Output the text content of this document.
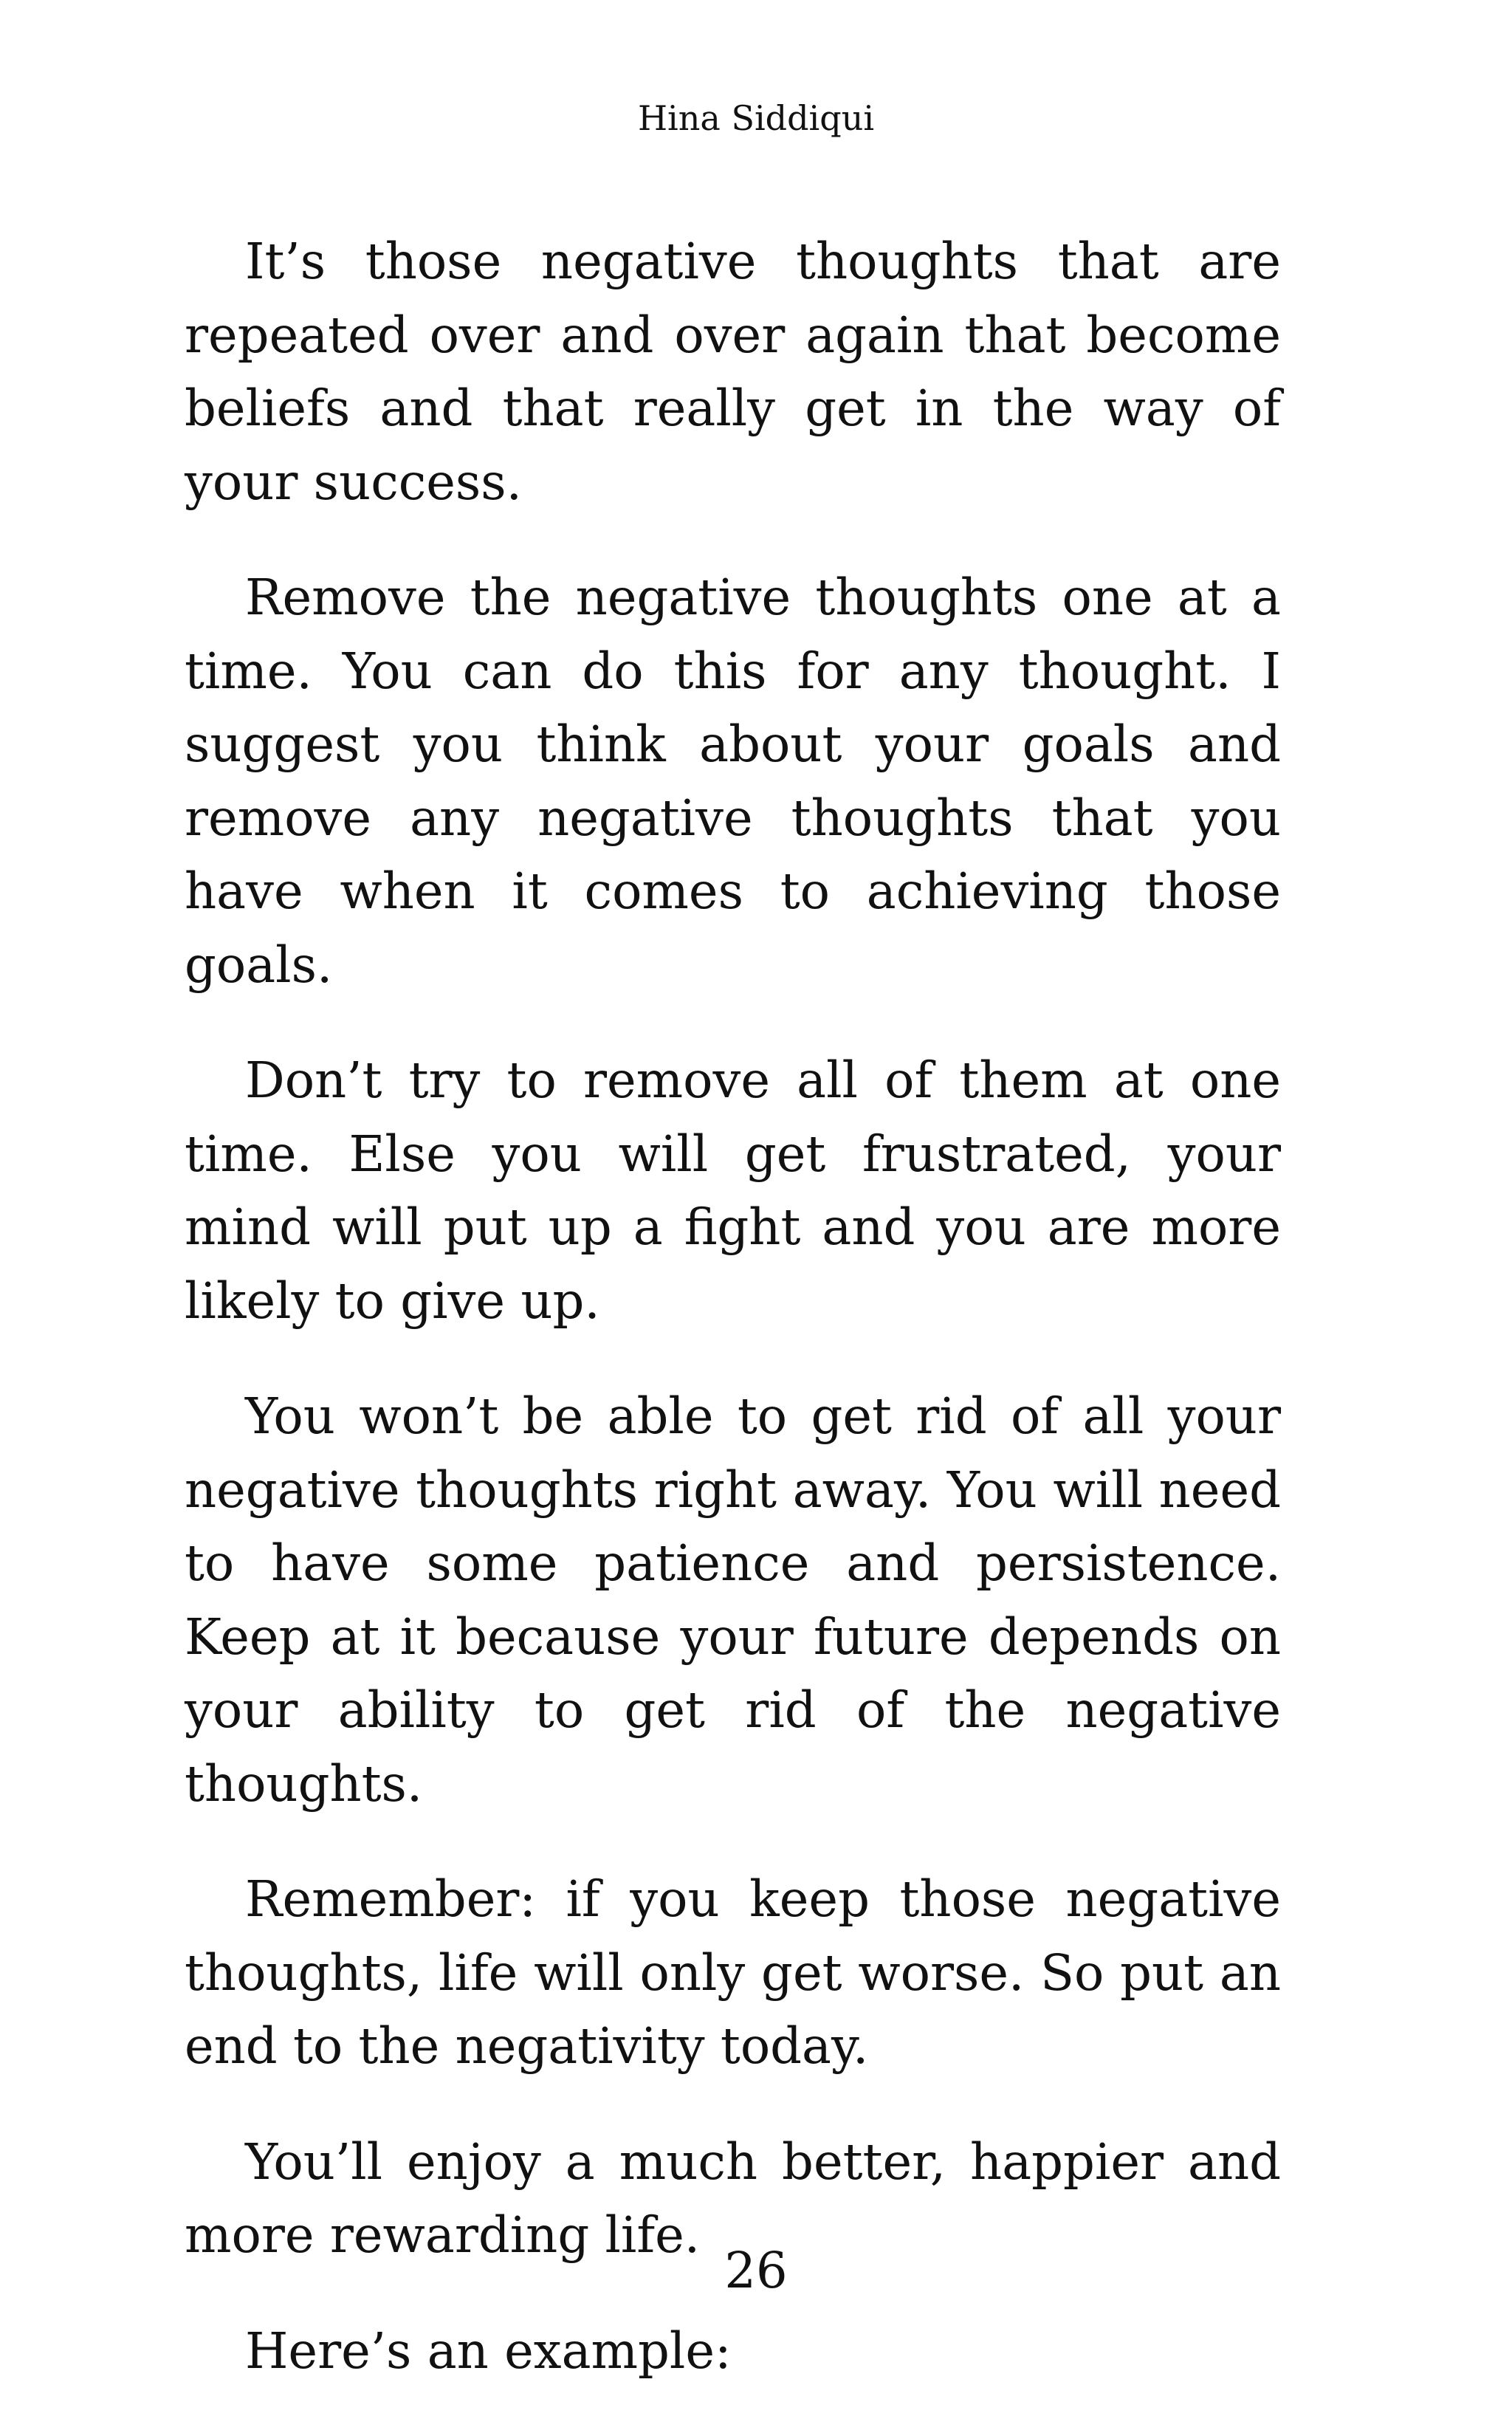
Hina Siddiqui

It’s those negative thoughts that are repeated over and over again that become beliefs and that really get in the way of your success.

Remove the negative thoughts one at a time. You can do this for any thought. I suggest you think about your goals and remove any negative thoughts that you have when it comes to achieving those goals.

Don’t try to remove all of them at one time. Else you will get frustrated, your mind will put up a fight and you are more likely to give up.

You won’t be able to get rid of all your negative thoughts right away. You will need to have some patience and persistence. Keep at it because your future depends on your ability to get rid of the negative thoughts.

Remember: if you keep those negative thoughts, life will only get worse. So put an end to the negativity today.

You’ll enjoy a much better, happier and more rewarding life.

Here’s an example:

26
